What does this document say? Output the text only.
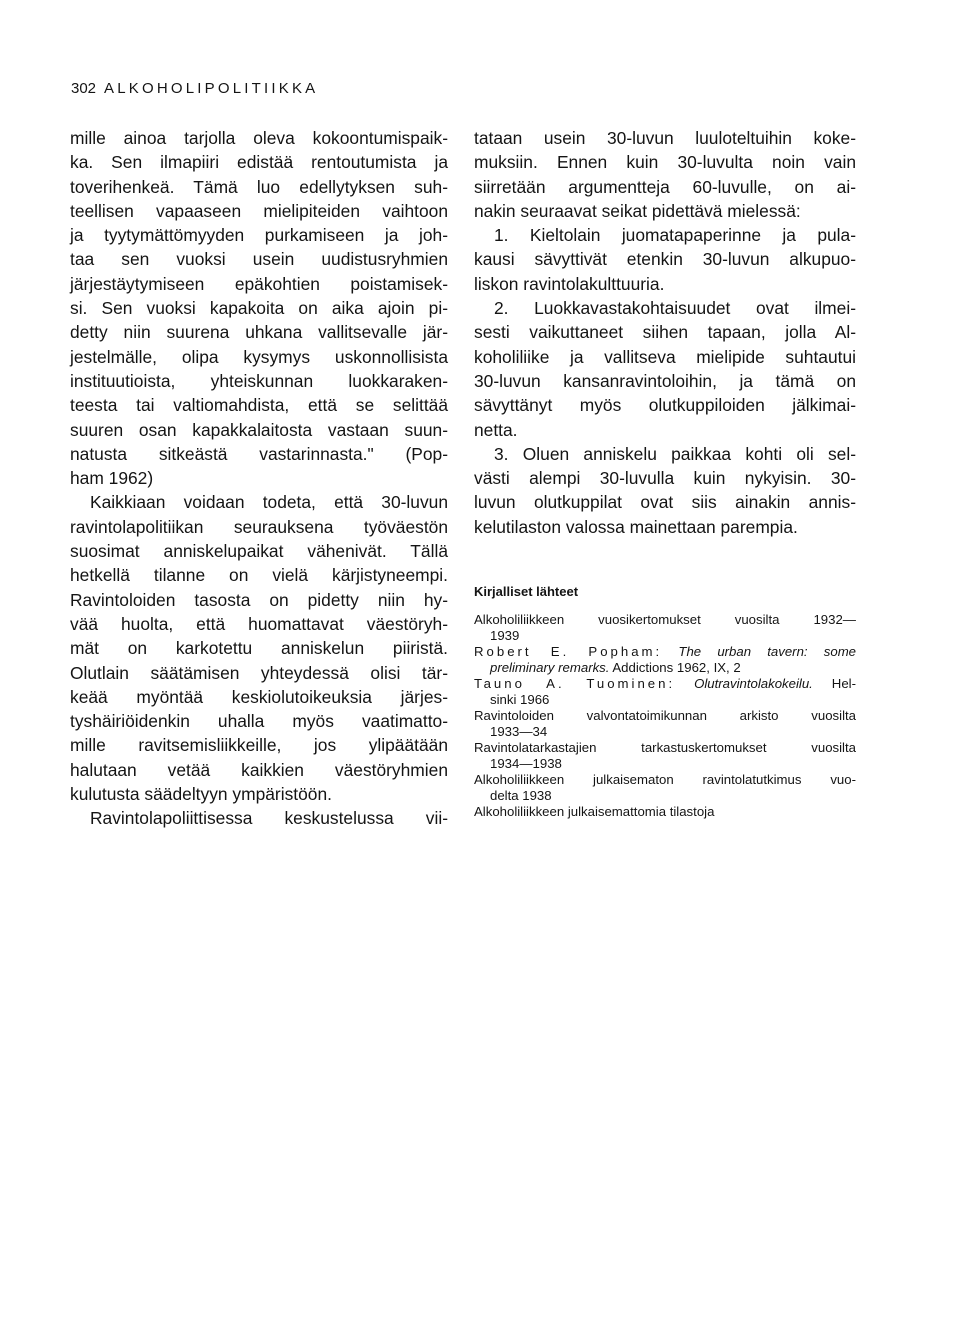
302 ALKOHOLIPOLITIIKKA
mille ainoa tarjolla oleva kokoontumispaik-
ka. Sen ilmapiiri edistää rentoutumista ja
toverihenkeä. Tämä luo edellytyksen suh-
teellisen vapaaseen mielipiteiden vaihtoon
ja tyytymättömyyden purkamiseen ja joh-
taa sen vuoksi usein uudistusryhmien
järjestäytymiseen epäkohtien poistamisek-
si. Sen vuoksi kapakoita on aika ajoin pi-
detty niin suurena uhkana vallitsevalle jär-
jestelmälle, olipa kysymys uskonnollisista
instituutioista, yhteiskunnan luokkaraken-
teesta tai valtiomahdista, että se selittää
suuren osan kapakkalaitosta vastaan suun-
natusta sitkeästä vastarinnasta." (Pop-
ham 1962)
Kaikkiaan voidaan todeta, että 30-luvun
ravintolapolitiikan seurauksena työväestön
suosimat anniskelupaikat vähenivät. Tällä
hetkellä tilanne on vielä kärjistyneempi.
Ravintoloiden tasosta on pidetty niin hy-
vää huolta, että huomattavat väestöryh-
mät on karkotettu anniskelun piiristä.
Olutlain säätämisen yhteydessä olisi tär-
keää myöntää keskiolutoikeuksia järjes-
tyshäiriöidenkin uhalla myös vaatimatto-
mille ravitsemisliikkeille, jos ylipäätään
halutaan vetää kaikkien väestöryhmien
kulutusta säädeltyyn ympäristöön.
Ravintolapoliittisessa keskustelussa vii-
tataan usein 30-luvun luuloteltuihin koke-
muksiin. Ennen kuin 30-luvulta noin vain
siirretään argumentteja 60-luvulle, on ai-
nakin seuraavat seikat pidettävä mielessä:
1. Kieltolain juomatapaperinne ja pula-
kausi sävyttivät etenkin 30-luvun alkupuo-
liskon ravintolakulttuuria.
2. Luokkavastakohtaisuudet ovat ilmei-
sesti vaikuttaneet siihen tapaan, jolla Al-
koholiliike ja vallitseva mielipide suhtautui
30-luvun kansanravintoloihin, ja tämä on
sävyttänyt myös olutkuppiloiden jälkimai-
netta.
3. Oluen anniskelu paikkaa kohti oli sel-
västi alempi 30-luvulla kuin nykyisin. 30-
luvun olutkuppilat ovat siis ainakin annis-
kelutilaston valossa mainettaan parempia.
Kirjalliset lähteet
Alkoholiliikkeen vuosikertomukset vuosilta 1932—
1939
Robert E. Popham: The urban tavern: some
preliminary remarks. Addictions 1962, IX, 2
Tauno A. Tuominen: Olutravintolakokeilu. Hel-
sinki 1966
Ravintoloiden valvontatoimikunnan arkisto vuosilta
1933—34
Ravintolatarkastajien tarkastuskertomukset vuosilta
1934—1938
Alkoholiliikkeen julkaisematon ravintolatutkimus vuo-
delta 1938
Alkoholiliikkeen julkaisemattomia tilastoja
